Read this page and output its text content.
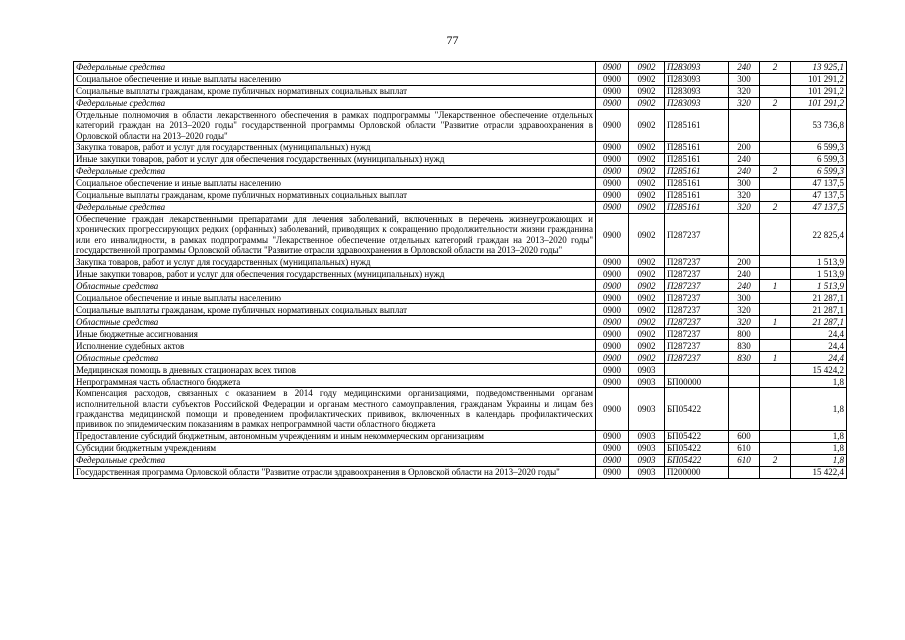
77
Федеральные средства	0900	0902	П283093	240	2	13 925,1
Социальное обеспечение и иные выплаты населению	0900	0902	П283093	300		101 291,2
Социальные выплаты гражданам, кроме публичных нормативных социальных выплат	0900	0902	П283093	320		101 291,2
Федеральные средства	0900	0902	П283093	320	2	101 291,2
Отдельные полномочия в области лекарственного обеспечения в рамках подпрограммы "Лекарственное обеспечение отдельных категорий граждан на 2013–2020 годы" государственной программы Орловской области "Развитие отрасли здравоохранения в Орловской области на 2013–2020 годы"	0900	0902	П285161			53 736,8
Закупка товаров, работ и услуг для государственных (муниципальных) нужд	0900	0902	П285161	200		6 599,3
Иные закупки товаров, работ и услуг для обеспечения государственных (муниципальных) нужд	0900	0902	П285161	240		6 599,3
Федеральные средства	0900	0902	П285161	240	2	6 599,3
Социальное обеспечение и иные выплаты населению	0900	0902	П285161	300		47 137,5
Социальные выплаты гражданам, кроме публичных нормативных социальных выплат	0900	0902	П285161	320		47 137,5
Федеральные средства	0900	0902	П285161	320	2	47 137,5
Обеспечение граждан лекарственными препаратами для лечения заболеваний, включенных в перечень жизнеугрожающих и хронических прогрессирующих редких (орфанных) заболеваний, приводящих к сокращению продолжительности жизни гражданина или его инвалидности, в рамках подпрограммы "Лекарственное обеспечение отдельных категорий граждан на 2013–2020 годы" государственной программы Орловской области "Развитие отрасли здравоохранения в Орловской области на 2013–2020 годы"	0900	0902	П287237			22 825,4
Закупка товаров, работ и услуг для государственных (муниципальных) нужд	0900	0902	П287237	200		1 513,9
Иные закупки товаров, работ и услуг для обеспечения государственных (муниципальных) нужд	0900	0902	П287237	240		1 513,9
Областные средства	0900	0902	П287237	240	1	1 513,9
Социальное обеспечение и иные выплаты населению	0900	0902	П287237	300		21 287,1
Социальные выплаты гражданам, кроме публичных нормативных социальных выплат	0900	0902	П287237	320		21 287,1
Областные средства	0900	0902	П287237	320	1	21 287,1
Иные бюджетные ассигнования	0900	0902	П287237	800		24,4
Исполнение судебных актов	0900	0902	П287237	830		24,4
Областные средства	0900	0902	П287237	830	1	24,4
Медицинская помощь в дневных стационарах всех типов	0900	0903				15 424,2
Непрограммная часть областного бюджета	0900	0903	БП00000			1,8
Компенсация расходов, связанных с оказанием в 2014 году медицинскими организациями, подведомственными органам исполнительной власти субъектов Российской Федерации и органам местного самоуправления, гражданам Украины и лицам без гражданства медицинской помощи и проведением профилактических прививок, включенных в календарь профилактических прививок по эпидемическим показаниям в рамках непрограммной части областного бюджета	0900	0903	БП05422			1,8
Предоставление субсидий бюджетным, автономным учреждениям и иным некоммерческим организациям	0900	0903	БП05422	600		1,8
Субсидии бюджетным учреждениям	0900	0903	БП05422	610		1,8
Федеральные средства	0900	0903	БП05422	610	2	1,8
Государственная программа Орловской области "Развитие отрасли здравоохранения в Орловской области на 2013–2020 годы"	0900	0903	П200000			15 422,4
